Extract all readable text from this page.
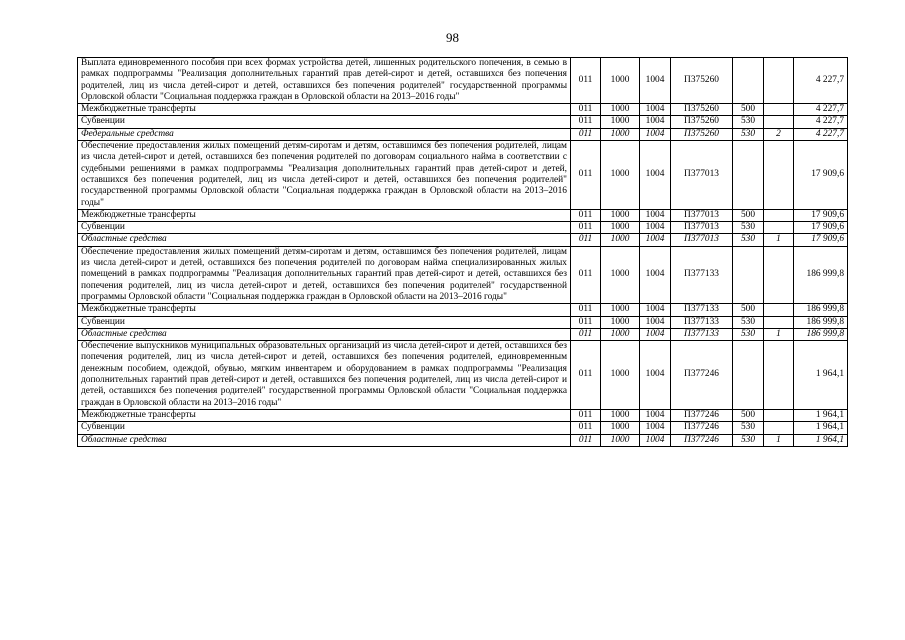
98
Выплата единовременного пособия при всех формах устройства детей, лишенных родительского попечения, в семью в рамках подпрограммы "Реализация дополнительных гарантий прав детей-сирот и детей, оставшихся без попечения родителей, лиц из числа детей-сирот и детей, оставшихся без попечения родителей" государственной программы Орловской области "Социальная поддержка граждан в Орловской области на 2013–2016 годы"	011	1000	1004	П375260			4 227,7
Межбюджетные трансферты	011	1000	1004	П375260	500		4 227,7
Субвенции	011	1000	1004	П375260	530		4 227,7
Федеральные средства	011	1000	1004	П375260	530	2	4 227,7
Обеспечение предоставления жилых помещений детям-сиротам и детям, оставшимся без попечения родителей, лицам из числа детей-сирот и детей, оставшихся без попечения родителей по договорам социального найма в соответствии с судебными решениями в рамках подпрограммы "Реализация дополнительных гарантий прав детей-сирот и детей, оставшихся без попечения родителей, лиц из числа детей-сирот и детей, оставшихся без попечения родителей" государственной программы Орловской области "Социальная поддержка граждан в Орловской области на 2013–2016 годы"	011	1000	1004	П377013			17 909,6
Межбюджетные трансферты	011	1000	1004	П377013	500		17 909,6
Субвенции	011	1000	1004	П377013	530		17 909,6
Областные средства	011	1000	1004	П377013	530	1	17 909,6
Обеспечение предоставления жилых помещений детям-сиротам и детям, оставшимся без попечения родителей, лицам из числа детей-сирот и детей, оставшихся без попечения родителей по договорам найма специализированных жилых помещений в рамках подпрограммы "Реализация дополнительных гарантий прав детей-сирот и детей, оставшихся без попечения родителей, лиц из числа детей-сирот и детей, оставшихся без попечения родителей" государственной программы Орловской области "Социальная поддержка граждан в Орловской области на 2013–2016 годы"	011	1000	1004	П377133			186 999,8
Межбюджетные трансферты	011	1000	1004	П377133	500		186 999,8
Субвенции	011	1000	1004	П377133	530		186 999,8
Областные средства	011	1000	1004	П377133	530	1	186 999,8
Обеспечение выпускников муниципальных образовательных организаций из числа детей-сирот и детей, оставшихся без попечения родителей, лиц из числа детей-сирот и детей, оставшихся без попечения родителей, единовременным денежным пособием, одеждой, обувью, мягким инвентарем и оборудованием в рамках подпрограммы "Реализация дополнительных гарантий прав детей-сирот и детей, оставшихся без попечения родителей, лиц из числа детей-сирот и детей, оставшихся без попечения родителей" государственной программы Орловской области "Социальная поддержка граждан в Орловской области на 2013–2016 годы"	011	1000	1004	П377246			1 964,1
Межбюджетные трансферты	011	1000	1004	П377246	500		1 964,1
Субвенции	011	1000	1004	П377246	530		1 964,1
Областные средства	011	1000	1004	П377246	530	1	1 964,1
